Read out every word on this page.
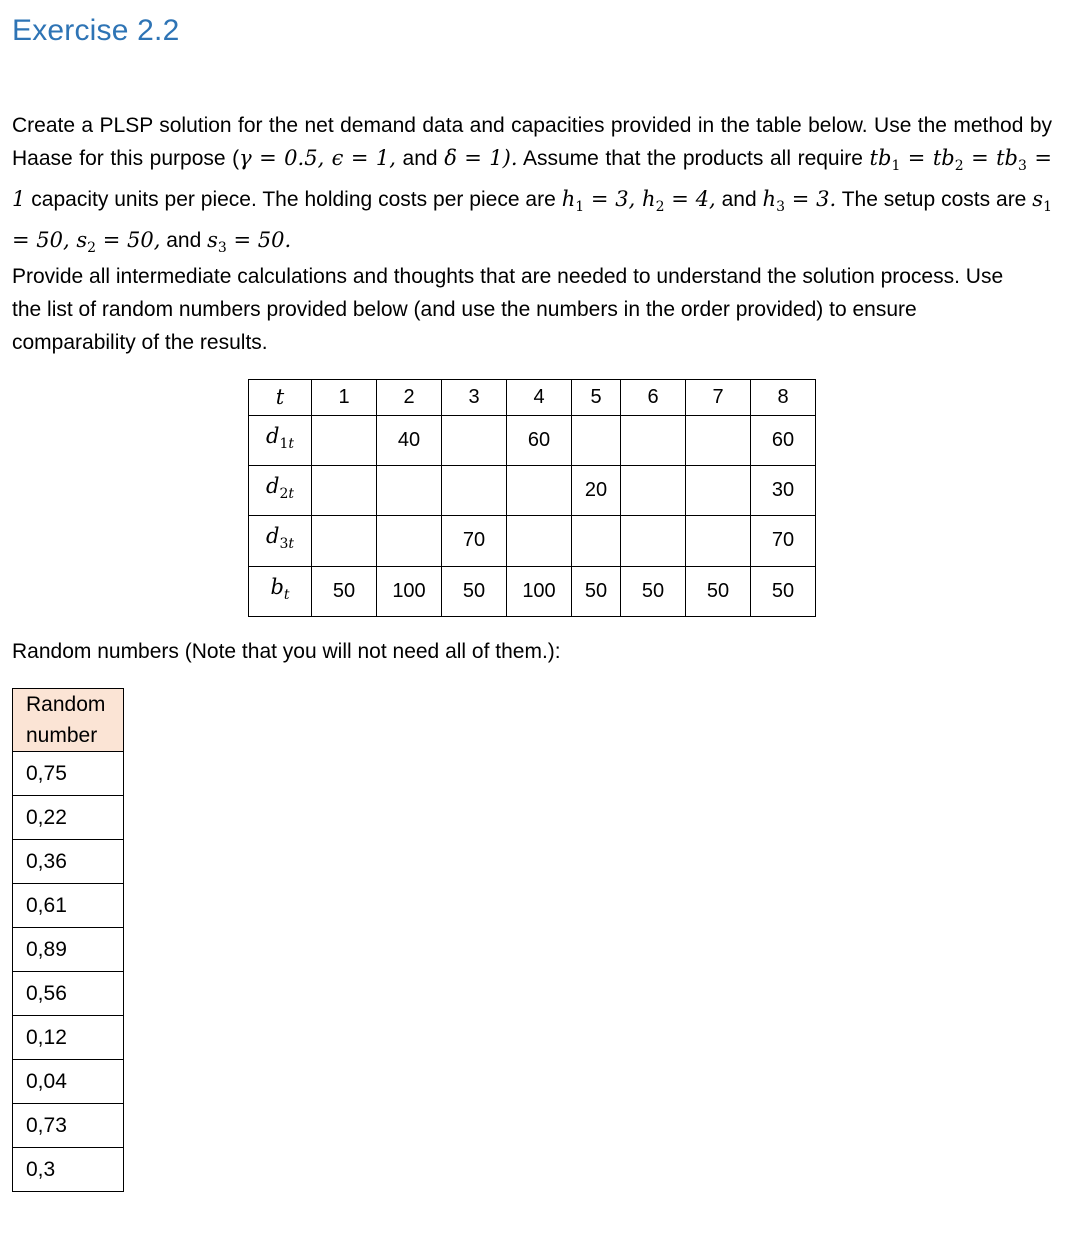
Exercise 2.2

Create a PLSP solution for the net demand data and capacities provided in the table below. Use the method by Haase for this purpose (γ = 0.5, ϵ = 1, and δ = 1). Assume that the products all require $tb_1 = tb_2 = tb_3 = 1$ capacity units per piece. The holding costs per piece are $h_1 = 3$, $h_2 = 4$, and $h_3 = 3$. The setup costs are $s_1 = 50$, $s_2 = 50$, and $s_3 = 50$.

Provide all intermediate calculations and thoughts that are needed to understand the solution process. Use the list of random numbers provided below (and use the numbers in the order provided) to ensure comparability of the results.

t	1	2	3	4	5	6	7	8
$d_{1t}$		40		60				60
$d_{2t}$					20			30
$d_{3t}$			70					70
$b_t$	50	100	50	100	50	50	50	50

Random numbers (Note that you will not need all of them.):

Random number
0,75
0,22
0,36
0,61
0,89
0,56
0,12
0,04
0,73
0,3
